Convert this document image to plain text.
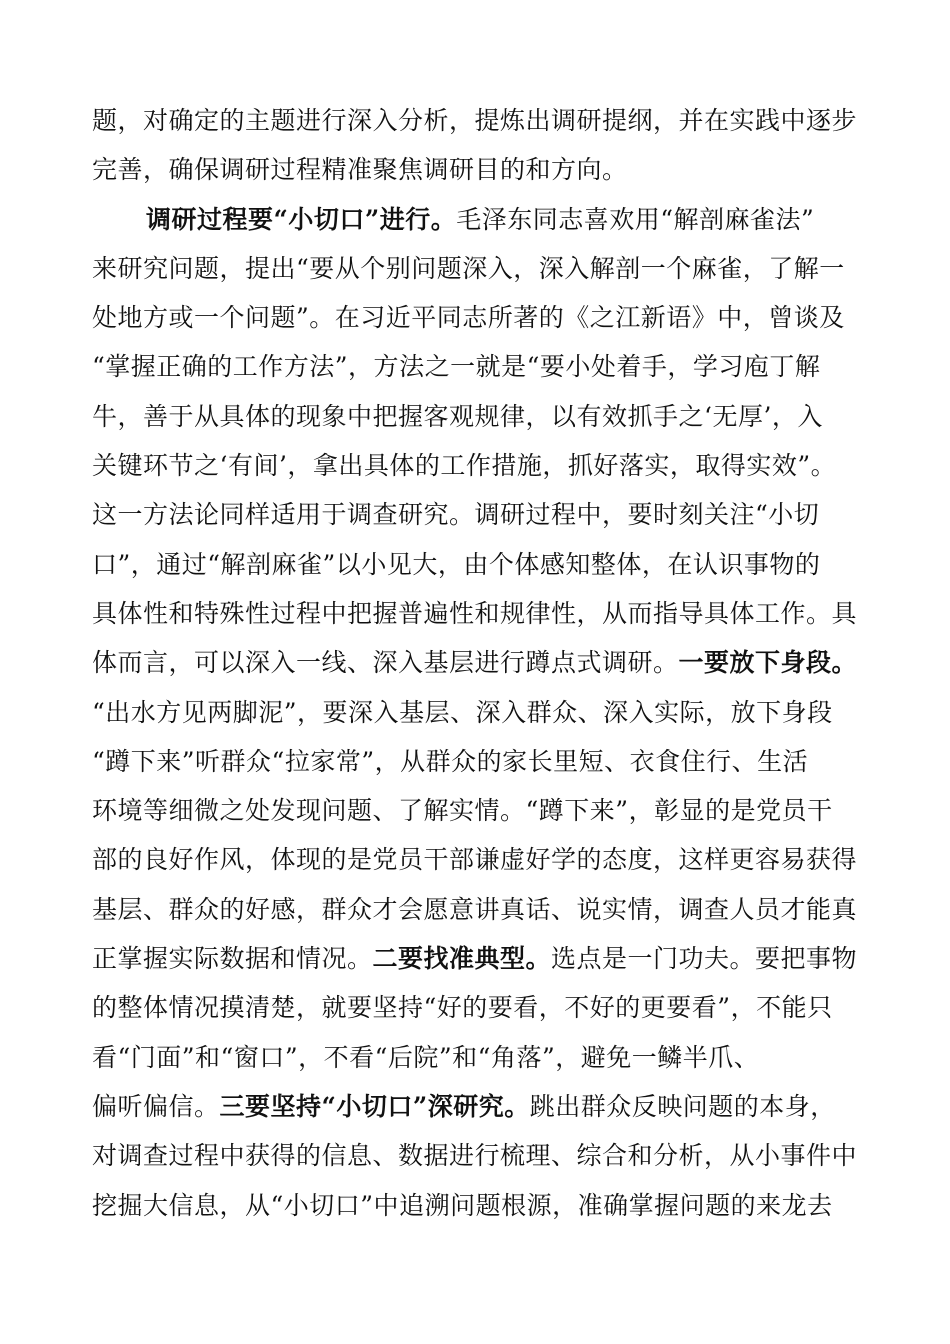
题，对确定的主题进行深入分析，提炼出调研提纲，并在实践中逐步
完善，确保调研过程精准聚焦调研目的和方向。
调研过程要“小切口”进行。毛泽东同志喜欢用“解剖麻雀法”
来研究问题，提出“要从个别问题深入，深入解剖一个麻雀，了解一
处地方或一个问题”。在习近平同志所著的《之江新语》中，曾谈及
“掌握正确的工作方法”，方法之一就是“要小处着手，学习庖丁解
牛，善于从具体的现象中把握客观规律，以有效抓手之‘无厚’，入
关键环节之‘有间’，拿出具体的工作措施，抓好落实，取得实效”。
这一方法论同样适用于调查研究。调研过程中，要时刻关注“小切
口”，通过“解剖麻雀”以小见大，由个体感知整体，在认识事物的
具体性和特殊性过程中把握普遍性和规律性，从而指导具体工作。具
体而言，可以深入一线、深入基层进行蹲点式调研。一要放下身段。
“出水方见两脚泥”，要深入基层、深入群众、深入实际，放下身段
“蹲下来”听群众“拉家常”，从群众的家长里短、衣食住行、生活
环境等细微之处发现问题、了解实情。“蹲下来”，彰显的是党员干
部的良好作风，体现的是党员干部谦虚好学的态度，这样更容易获得
基层、群众的好感，群众才会愿意讲真话、说实情，调查人员才能真
正掌握实际数据和情况。二要找准典型。选点是一门功夫。要把事物
的整体情况摸清楚，就要坚持“好的要看，不好的更要看”，不能只
看“门面”和“窗口”，不看“后院”和“角落”，避免一鳞半爪、
偏听偏信。三要坚持“小切口”深研究。跳出群众反映问题的本身，
对调查过程中获得的信息、数据进行梳理、综合和分析，从小事件中
挖掘大信息，从“小切口”中追溯问题根源，准确掌握问题的来龙去
